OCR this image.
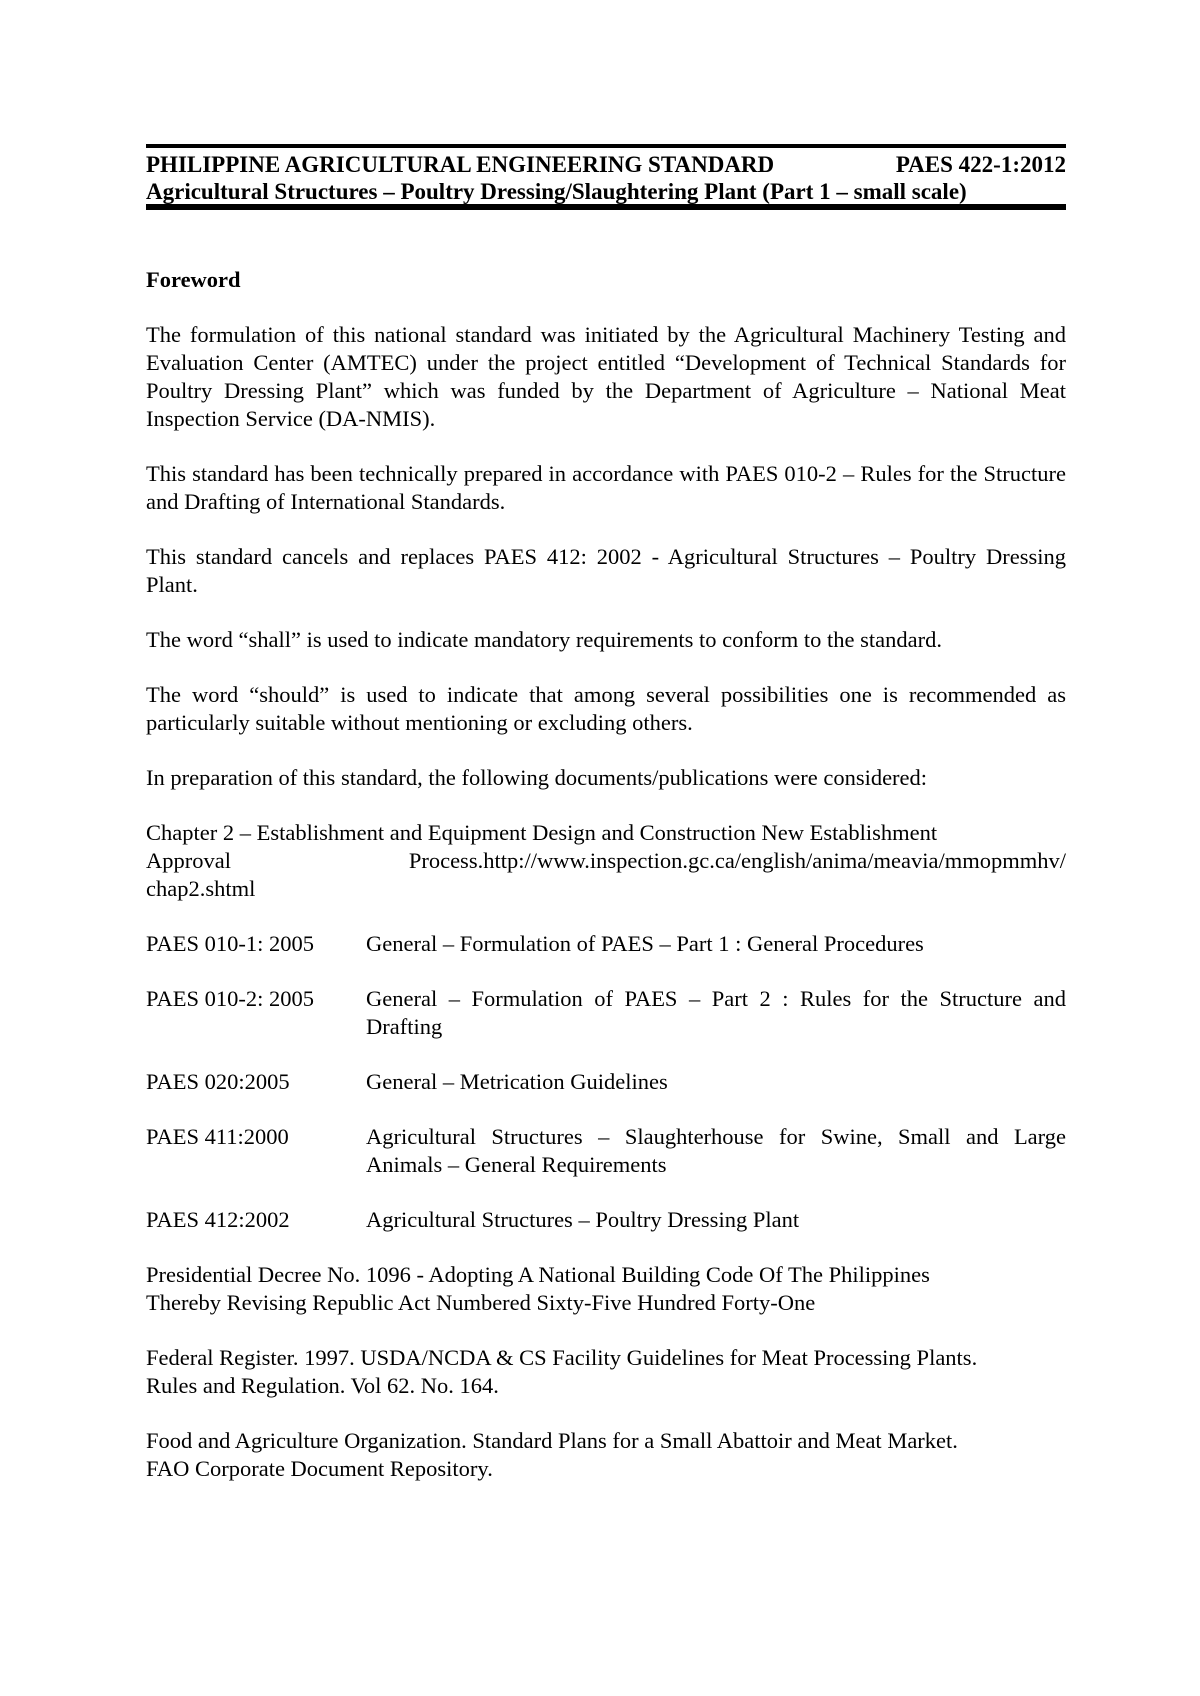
PHILIPPINE AGRICULTURAL ENGINEERING STANDARD	PAES 422-1:2012
Agricultural Structures – Poultry Dressing/Slaughtering Plant (Part 1 – small scale)
Foreword

The formulation of this national standard was initiated by the Agricultural Machinery Testing and Evaluation Center (AMTEC) under the project entitled “Development of Technical Standards for Poultry Dressing Plant” which was funded by the Department of Agriculture – National Meat Inspection Service (DA-NMIS).

This standard has been technically prepared in accordance with PAES 010-2 – Rules for the Structure and Drafting of International Standards.

This standard cancels and replaces PAES 412: 2002 - Agricultural Structures – Poultry Dressing Plant.

The word “shall” is used to indicate mandatory requirements to conform to the standard.

The word “should” is used to indicate that among several possibilities one is recommended as particularly suitable without mentioning or excluding others.

In preparation of this standard, the following documents/publications were considered:

Chapter 2 – Establishment and Equipment Design and Construction New Establishment
Approval	Process.http://www.inspection.gc.ca/english/anima/meavia/mmopmmhv/
chap2.shtml
PAES 010-1: 2005	General – Formulation of PAES – Part 1 : General Procedures
PAES 010-2: 2005	General – Formulation of PAES – Part 2 : Rules for the Structure and Drafting
PAES 020:2005	General – Metrication Guidelines
PAES 411:2000	Agricultural Structures – Slaughterhouse for Swine, Small and Large Animals – General Requirements
PAES 412:2002	Agricultural Structures – Poultry Dressing Plant
Presidential Decree No. 1096 - Adopting A National Building Code Of The Philippines
Thereby Revising Republic Act Numbered Sixty-Five Hundred Forty-One
Federal Register. 1997. USDA/NCDA & CS Facility Guidelines for Meat Processing Plants.
Rules and Regulation. Vol 62. No. 164.
Food and Agriculture Organization. Standard Plans for a Small Abattoir and Meat Market.
FAO Corporate Document Repository.
